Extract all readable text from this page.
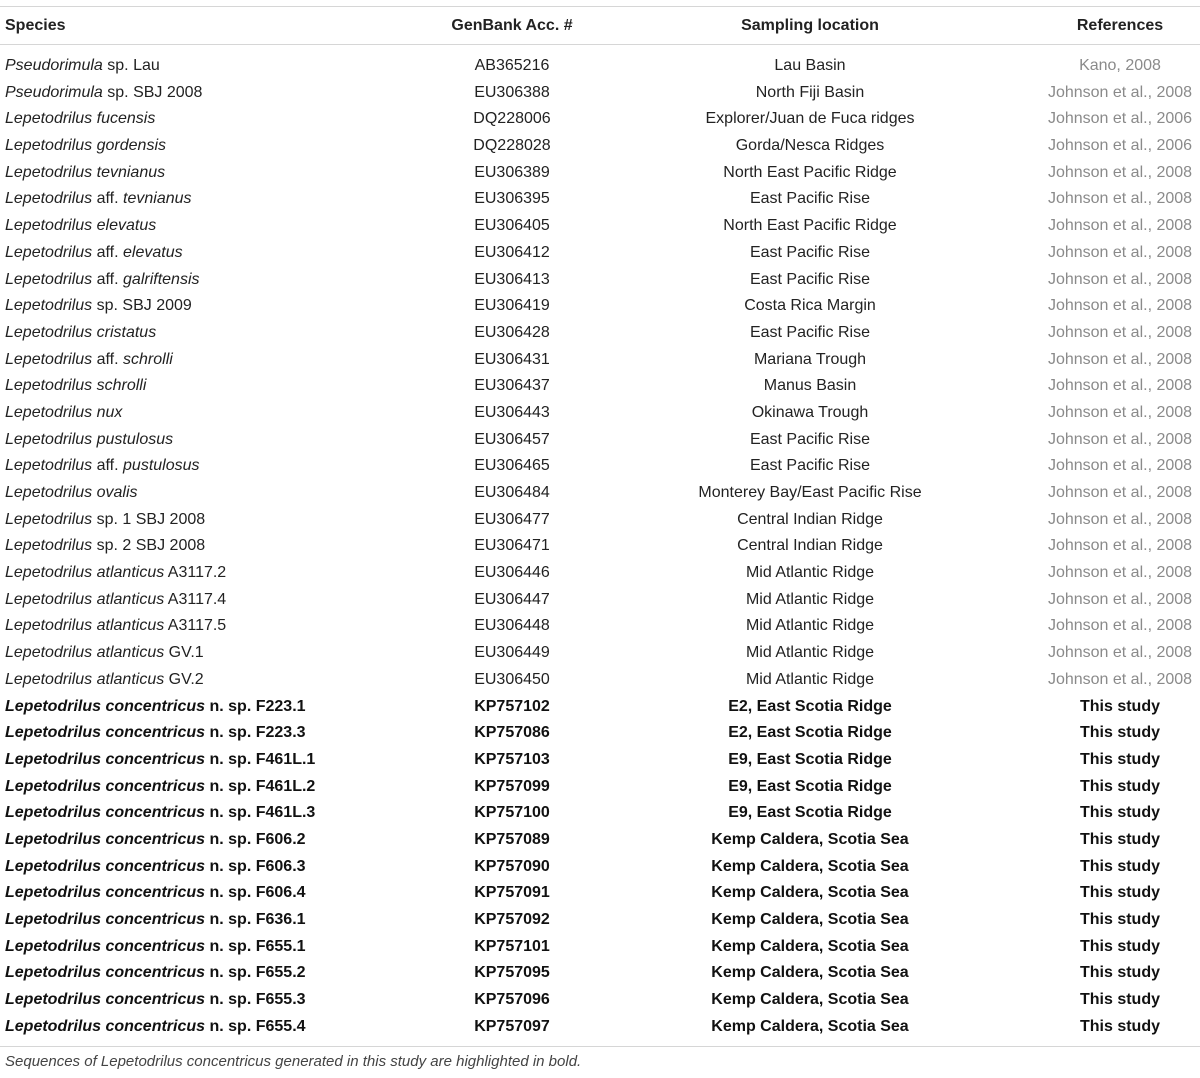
Species	GenBank Acc. #	Sampling location	References
Pseudorimula sp. Lau	AB365216	Lau Basin	Kano, 2008
Pseudorimula sp. SBJ 2008	EU306388	North Fiji Basin	Johnson et al., 2008
Lepetodrilus fucensis	DQ228006	Explorer/Juan de Fuca ridges	Johnson et al., 2006
Lepetodrilus gordensis	DQ228028	Gorda/Nesca Ridges	Johnson et al., 2006
Lepetodrilus tevnianus	EU306389	North East Pacific Ridge	Johnson et al., 2008
Lepetodrilus aff. tevnianus	EU306395	East Pacific Rise	Johnson et al., 2008
Lepetodrilus elevatus	EU306405	North East Pacific Ridge	Johnson et al., 2008
Lepetodrilus aff. elevatus	EU306412	East Pacific Rise	Johnson et al., 2008
Lepetodrilus aff. galriftensis	EU306413	East Pacific Rise	Johnson et al., 2008
Lepetodrilus sp. SBJ 2009	EU306419	Costa Rica Margin	Johnson et al., 2008
Lepetodrilus cristatus	EU306428	East Pacific Rise	Johnson et al., 2008
Lepetodrilus aff. schrolli	EU306431	Mariana Trough	Johnson et al., 2008
Lepetodrilus schrolli	EU306437	Manus Basin	Johnson et al., 2008
Lepetodrilus nux	EU306443	Okinawa Trough	Johnson et al., 2008
Lepetodrilus pustulosus	EU306457	East Pacific Rise	Johnson et al., 2008
Lepetodrilus aff. pustulosus	EU306465	East Pacific Rise	Johnson et al., 2008
Lepetodrilus ovalis	EU306484	Monterey Bay/East Pacific Rise	Johnson et al., 2008
Lepetodrilus sp. 1 SBJ 2008	EU306477	Central Indian Ridge	Johnson et al., 2008
Lepetodrilus sp. 2 SBJ 2008	EU306471	Central Indian Ridge	Johnson et al., 2008
Lepetodrilus atlanticus A3117.2	EU306446	Mid Atlantic Ridge	Johnson et al., 2008
Lepetodrilus atlanticus A3117.4	EU306447	Mid Atlantic Ridge	Johnson et al., 2008
Lepetodrilus atlanticus A3117.5	EU306448	Mid Atlantic Ridge	Johnson et al., 2008
Lepetodrilus atlanticus GV.1	EU306449	Mid Atlantic Ridge	Johnson et al., 2008
Lepetodrilus atlanticus GV.2	EU306450	Mid Atlantic Ridge	Johnson et al., 2008
Lepetodrilus concentricus n. sp. F223.1	KP757102	E2, East Scotia Ridge	This study
Lepetodrilus concentricus n. sp. F223.3	KP757086	E2, East Scotia Ridge	This study
Lepetodrilus concentricus n. sp. F461L.1	KP757103	E9, East Scotia Ridge	This study
Lepetodrilus concentricus n. sp. F461L.2	KP757099	E9, East Scotia Ridge	This study
Lepetodrilus concentricus n. sp. F461L.3	KP757100	E9, East Scotia Ridge	This study
Lepetodrilus concentricus n. sp. F606.2	KP757089	Kemp Caldera, Scotia Sea	This study
Lepetodrilus concentricus n. sp. F606.3	KP757090	Kemp Caldera, Scotia Sea	This study
Lepetodrilus concentricus n. sp. F606.4	KP757091	Kemp Caldera, Scotia Sea	This study
Lepetodrilus concentricus n. sp. F636.1	KP757092	Kemp Caldera, Scotia Sea	This study
Lepetodrilus concentricus n. sp. F655.1	KP757101	Kemp Caldera, Scotia Sea	This study
Lepetodrilus concentricus n. sp. F655.2	KP757095	Kemp Caldera, Scotia Sea	This study
Lepetodrilus concentricus n. sp. F655.3	KP757096	Kemp Caldera, Scotia Sea	This study
Lepetodrilus concentricus n. sp. F655.4	KP757097	Kemp Caldera, Scotia Sea	This study
Sequences of Lepetodrilus concentricus generated in this study are highlighted in bold.
